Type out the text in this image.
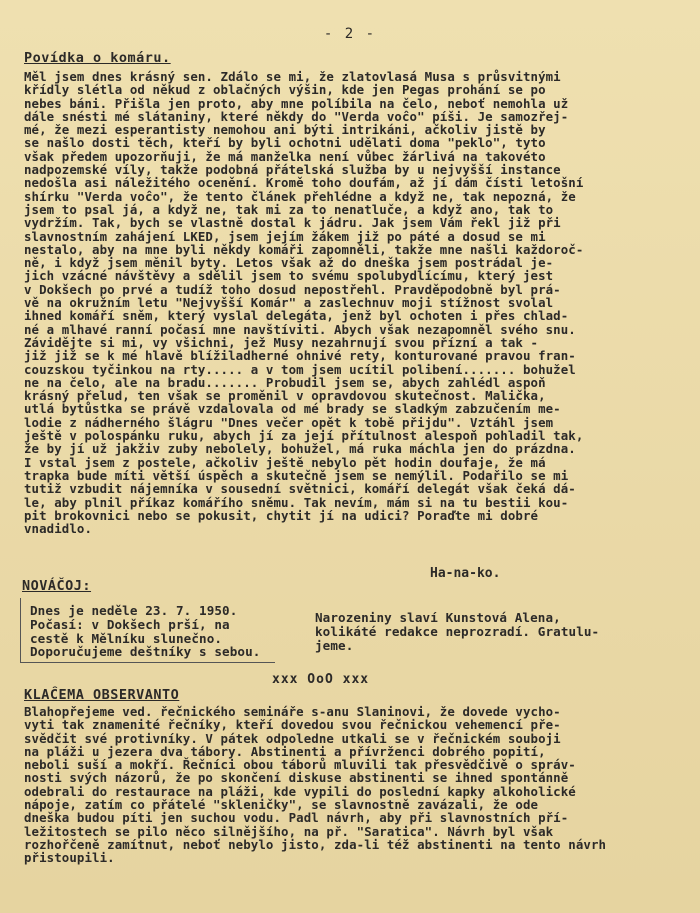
- 2 -
Povídka o komáru.
Měl jsem dnes krásný sen. Zdálo se mi, že zlatovlasá Musa s průsvitnými
křídly slétla od někud z oblačných výšin, kde jen Pegas prohání se po
nebes báni. Přišla jen proto, aby mne políbila na čelo, neboť nemohla už
dále snésti mé slátaniny, které někdy do "Verda voĉo" píši. Je samozřej-
mé, že mezi esperantisty nemohou ani býti intrikáni, ačkoliv jistě by
se našlo dosti těch, kteří by byli ochotni udělati doma "peklo", tyto
však předem upozorňuji, že má manželka není vůbec žárlivá na takovéto
nadpozemské víly, takže podobná přátelská služba by u nejvyšší instance
nedošla asi náležitého ocenění. Kromě toho doufám, až jí dám čísti letošní
shírku "Verda voĉo", že tento článek přehlédne a když ne, tak nepozná, že
jsem to psal já, a když ne, tak mi za to nenatluče, a když ano, tak to
vydržím. Tak, bych se vlastně dostal k jádru. Jak jsem Vám řekl již při
slavnostním zahájení LKED, jsem jejím žákem již po páté a dosud se mi
nestalo, aby na mne byli někdy komáři zapomněli, takže mne našli každoroč-
ně, i když jsem měnil byty. Letos však až do dneška jsem postrádal je-
jich vzácné návštěvy a sdělil jsem to svému spolubydlícímu, který jest
v Dokšech po prvé a tudíž toho dosud nepostřehl. Pravděpodobně byl prá-
vě na okružním letu "Nejvyšší Komár" a zaslechnuv moji stížnost svolal
ihned komáří sněm, který vyslal delegáta, jenž byl ochoten i přes chlad-
né a mlhavé ranní počasí mne navštíviti. Abych však nezapomněl svého snu.
Závidějte si mi, vy všichni, jež Musy nezahrnují svou přízní a tak -
již již se k mé hlavě blížiladherné ohnivé rety, konturované pravou fran-
couzskou tyčinkou na rty..... a v tom jsem ucítil polibení....... bohužel
ne na čelo, ale na bradu....... Probudil jsem se, abych zahlédl aspoň
krásný přelud, ten však se proměnil v opravdovou skutečnost. Malička,
utlá bytůstka se právě vzdalovala od mé brady se sladkým zabzučením me-
lodie z nádherného šlágru "Dnes večer opět k tobě přijdu". Vztáhl jsem
ještě v polospánku ruku, abych jí za její přítulnost alespoň pohladil tak,
že by jí už jakživ zuby nebolely, bohužel, má ruka máchla jen do prázdna.
I vstal jsem z postele, ačkoliv ještě nebylo pět hodin doufaje, že má
trapka bude míti větší úspěch a skutečně jsem se nemýlil. Podařilo se mi
tutiž vzbudit nájemníka v sousední světnici, komáří delegát však čeká dá-
le, aby plnil příkaz komářího sněmu. Tak nevím, mám si na tu bestii kou-
pit brokovnici nebo se pokusit, chytit jí na udici? Poraďte mi dobré
vnadidlo.
Ha-na-ko.
NOVÁČOJ:
Dnes je neděle 23. 7. 1950.
Počasí: v Dokšech prší, na
cestě k Mělníku slunečno.
Doporučujeme deštníky s sebou.
Narozeniny slaví Kunstová Alena,
kolikáté redakce neprozradí. Gratulu-
jeme.
xxx OoO xxx
KLAĈEMA OBSERVANTO
Blahopřejeme ved. řečnického semináře s-anu Slaninovi, že dovede vycho-
vyti tak znamenité řečníky, kteří dovedou svou řečnickou vehemencí pře-
svědčit své protivníky. V pátek odpoledne utkali se v řečnickém souboji
na pláži u jezera dva tábory. Abstinenti a přívrženci dobrého popití,
neboli suší a mokří. Řečníci obou táborů mluvili tak přesvědčivě o správ-
nosti svých názorů, že po skončení diskuse abstinenti se ihned spontánně
odebrali do restaurace na pláži, kde vypili do poslední kapky alkoholické
nápoje, zatím co přátelé "skleničky", se slavnostně zavázali, že ode
dneška budou píti jen suchou vodu. Padl návrh, aby při slavnostních pří-
ležitostech se pilo něco silnějšího, na př. "Saratica". Návrh byl však
rozhořčeně zamítnut, neboť nebylo jisto, zda-li též abstinenti na tento návrh
přistoupili.
